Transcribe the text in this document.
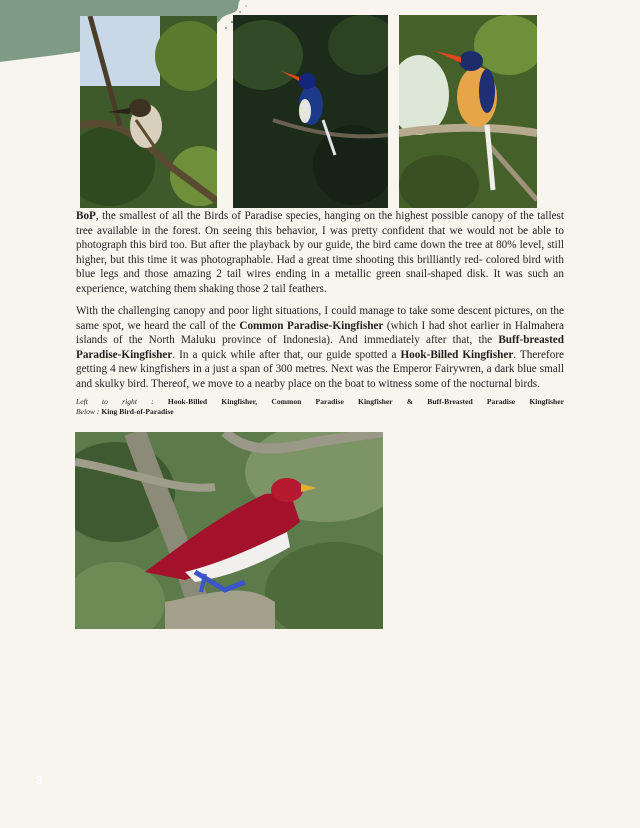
BoP, the smallest of all the Birds of Paradise species, hanging on the highest possible canopy of the tallest tree available in the forest. On seeing this behavior, I was pretty confident that we would not be able to photograph this bird too. But after the playback by our guide, the bird came down the tree at 80% level, still higher, but this time it was photographable. Had a great time shooting this brilliantly red- colored bird with blue legs and those amazing 2 tail wires ending in a metallic green snail-shaped disk. It was such an experience, watching them shaking those 2 tail feathers.

With the challenging canopy and poor light situations, I could manage to take some descent pictures, on the same spot, we heard the call of the Common Paradise-Kingfisher (which I had shot earlier in Halmahera islands of the North Maluku province of Indonesia). And immediately after that, the Buff-breasted Paradise-Kingfisher. In a quick while after that, our guide spotted a Hook-Billed Kingfisher. Therefore getting 4 new kingfishers in a just a span of 300 metres. Next was the Emperor Fairywren, a dark blue small and skulky bird. Thereof, we move to a nearby place on the boat to witness some of the nocturnal birds.

Left to right : Hook-Billed Kingfisher, Common Paradise Kingfisher & Buff-Breasted Paradise Kingfisher

Below : King Bird-of-Paradise

3
